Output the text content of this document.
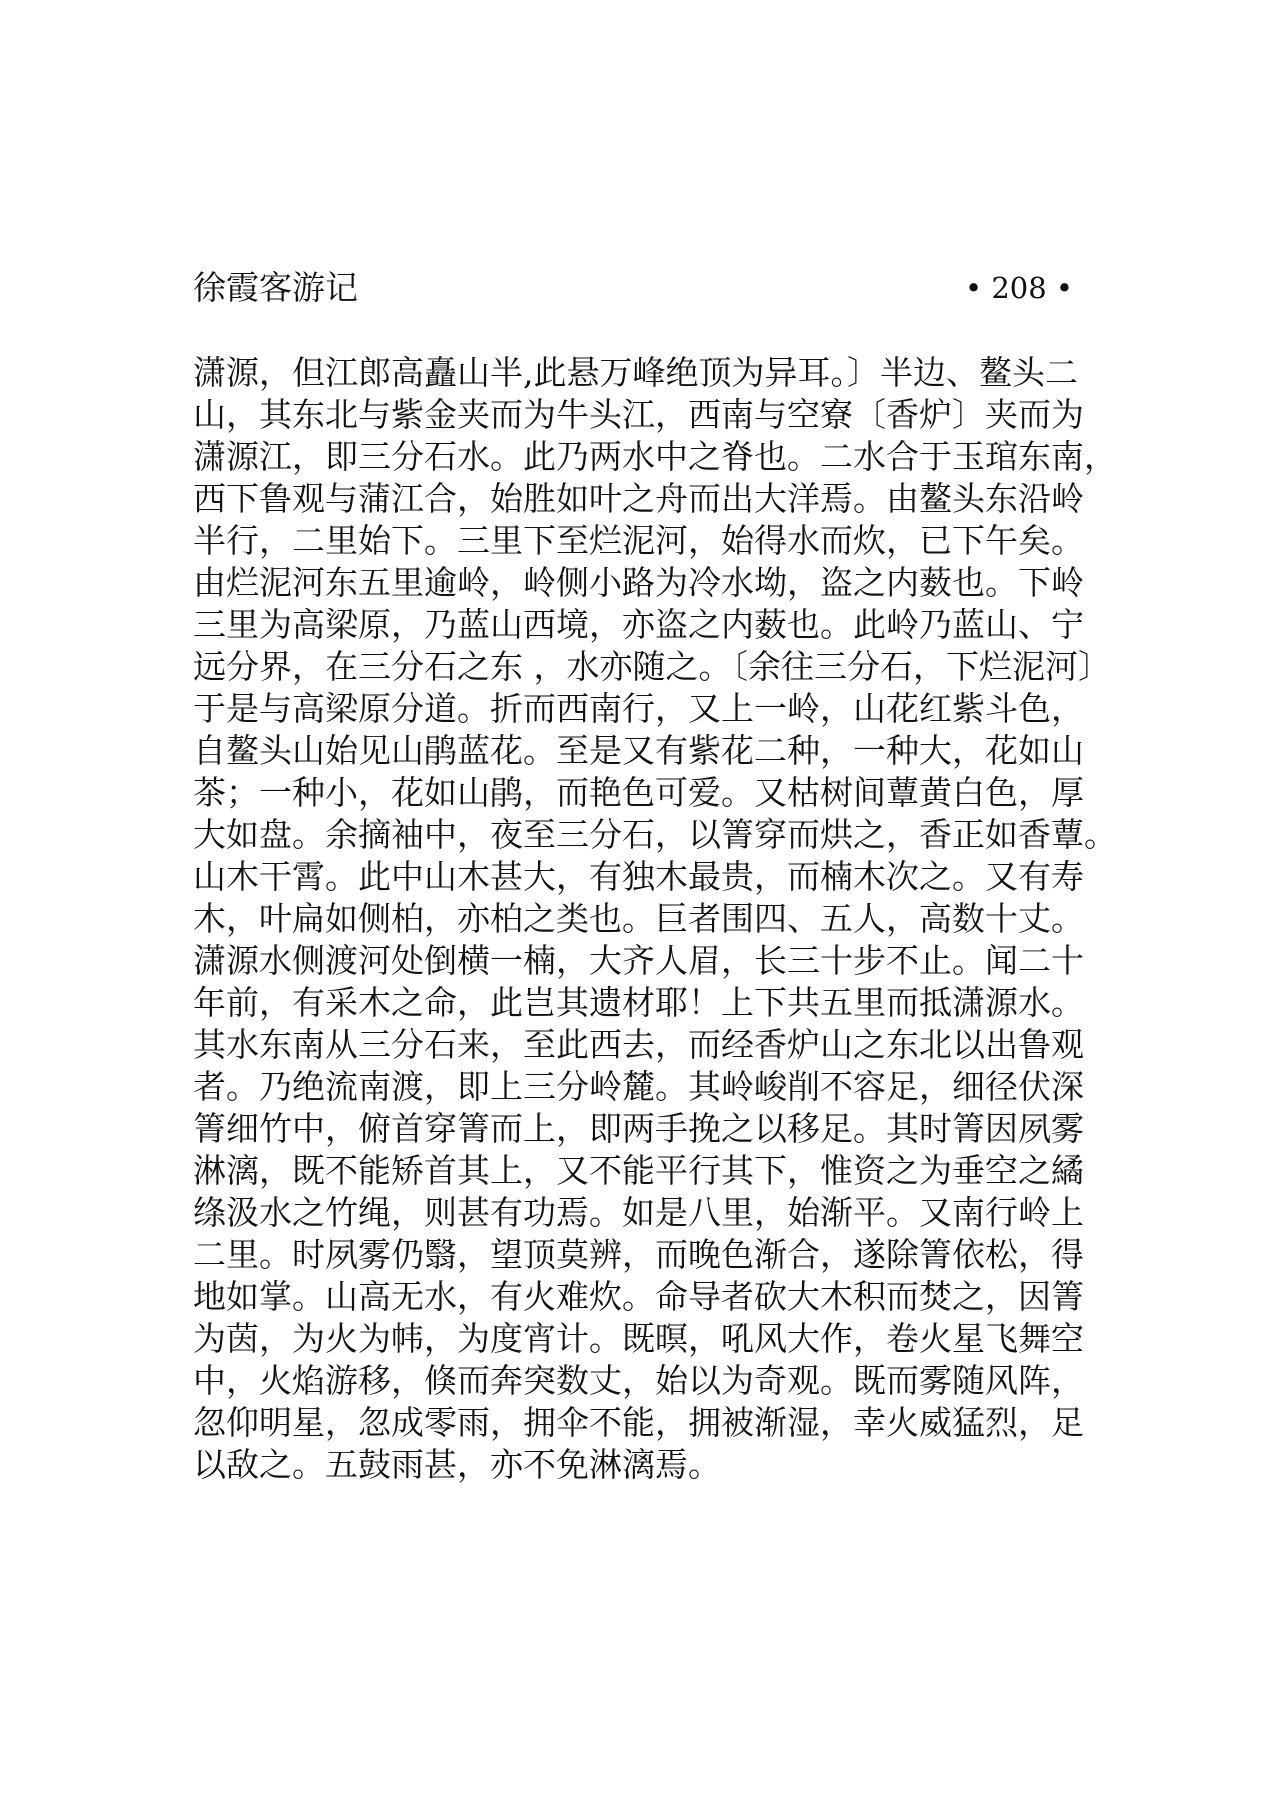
徐霞客游记	• 208 •
潇源，但江郎高矗山半,此悬万峰绝顶为异耳。〕半边、鳌头二
山，其东北与紫金夹而为牛头江，西南与空寮〔香炉〕夹而为
潇源江，即三分石水。此乃两水中之脊也。二水合于玉琯东南，
西下鲁观与蒲江合，始胜如叶之舟而出大洋焉。由鳌头东沿岭
半行，二里始下。三里下至烂泥河，始得水而炊，已下午矣。
由烂泥河东五里逾岭，岭侧小路为冷水坳，盗之内薮也。下岭
三里为高梁原，乃蓝山西境，亦盗之内薮也。此岭乃蓝山、宁
远分界，在三分石之东 ，水亦随之。〔余往三分石，下烂泥河〕
于是与高梁原分道。折而西南行，又上一岭，山花红紫斗色，
自鳌头山始见山鹃蓝花。至是又有紫花二种，一种大，花如山
茶；一种小，花如山鹃，而艳色可爱。又枯树间蕈黄白色，厚
大如盘。余摘袖中，夜至三分石，以箐穿而烘之，香正如香蕈。
山木干霄。此中山木甚大，有独木最贵，而楠木次之。又有寿
木，叶扁如侧柏，亦柏之类也。巨者围四、五人，高数十丈。
潇源水侧渡河处倒横一楠，大齐人眉，长三十步不止。闻二十
年前，有采木之命，此岂其遗材耶！上下共五里而抵潇源水。
其水东南从三分石来，至此西去，而经香炉山之东北以出鲁观
者。乃绝流南渡，即上三分岭麓。其岭峻削不容足，细径伏深
箐细竹中，俯首穿箐而上，即两手挽之以移足。其时箐因夙雾
淋漓，既不能矫首其上，又不能平行其下，惟资之为垂空之繘
绦汲水之竹绳，则甚有功焉。如是八里，始渐平。又南行岭上
二里。时夙雾仍翳，望顶莫辨，而晚色渐合，遂除箐依松，得
地如掌。山高无水，有火难炊。命导者砍大木积而焚之，因箐
为茵，为火为帏，为度宵计。既暝，吼风大作，卷火星飞舞空
中，火焰游移，倏而奔突数丈，始以为奇观。既而雾随风阵，
忽仰明星，忽成零雨，拥伞不能，拥被渐湿，幸火威猛烈，足
以敌之。五鼓雨甚，亦不免淋漓焉。
